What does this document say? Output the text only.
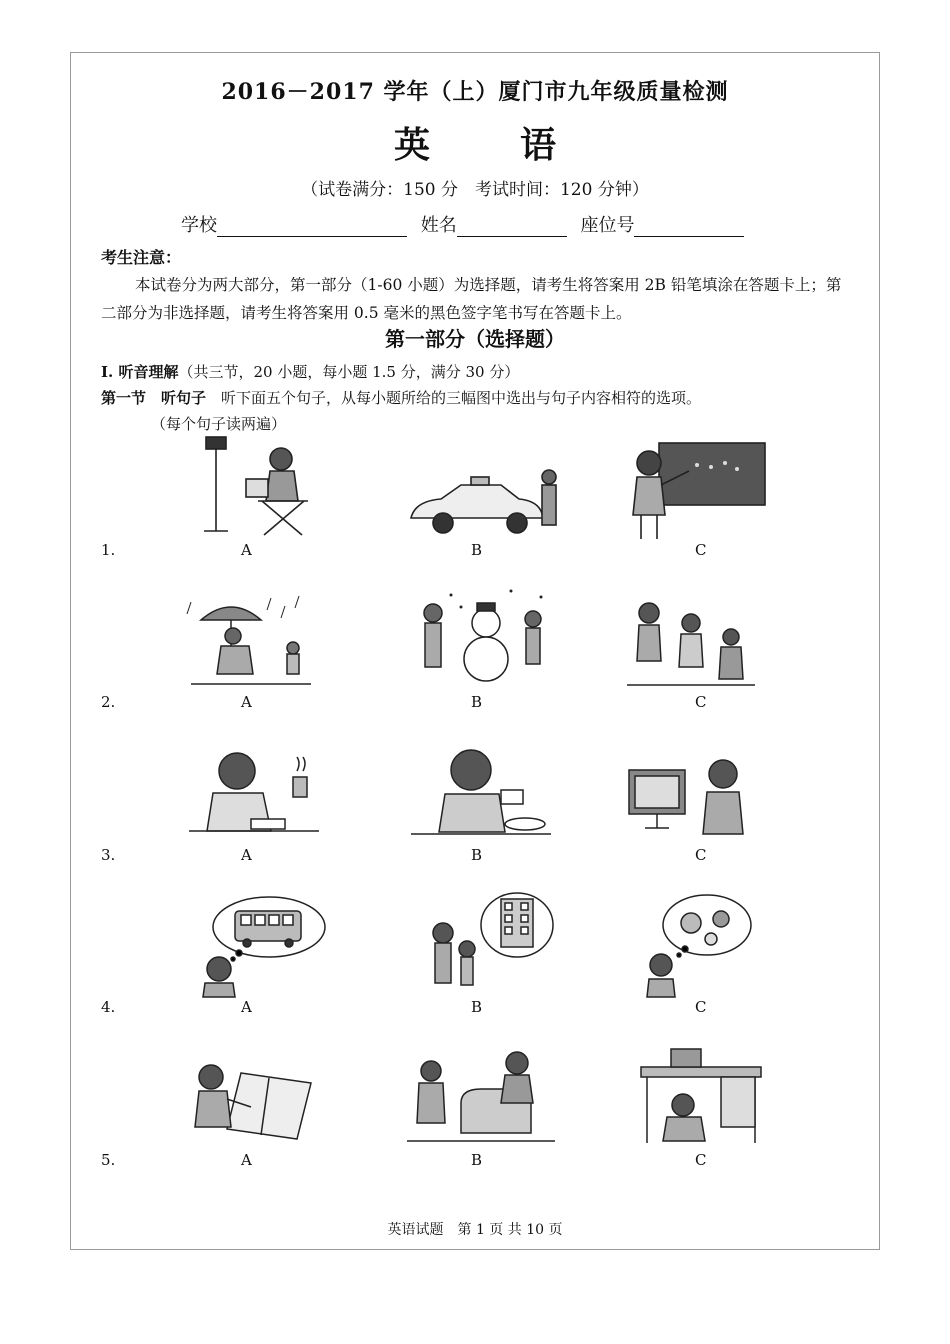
2016－2017 学年（上）厦门市九年级质量检测
英语
（试卷满分：150 分　考试时间：120 分钟）
学校	姓名	座位号
考生注意：
本试卷分为两大部分，第一部分（1-60 小题）为选择题，请考生将答案用 2B 铅笔填涂在答题卡上；第二部分为非选择题，请考生将答案用 0.5 毫米的黑色签字笔书写在答题卡上。
第一部分（选择题）
I. 听音理解（共三节，20 小题，每小题 1.5 分，满分 30 分）
第一节　听句子　 听下面五个句子，从每小题所给的三幅图中选出与句子内容相符的选项。
（每个句子读两遍）
1.	A	B	C
2.	A	B	C
3.	A	B	C
4.	A	B	C
5.	A	B	C
英语试题　第 1 页 共 10 页
